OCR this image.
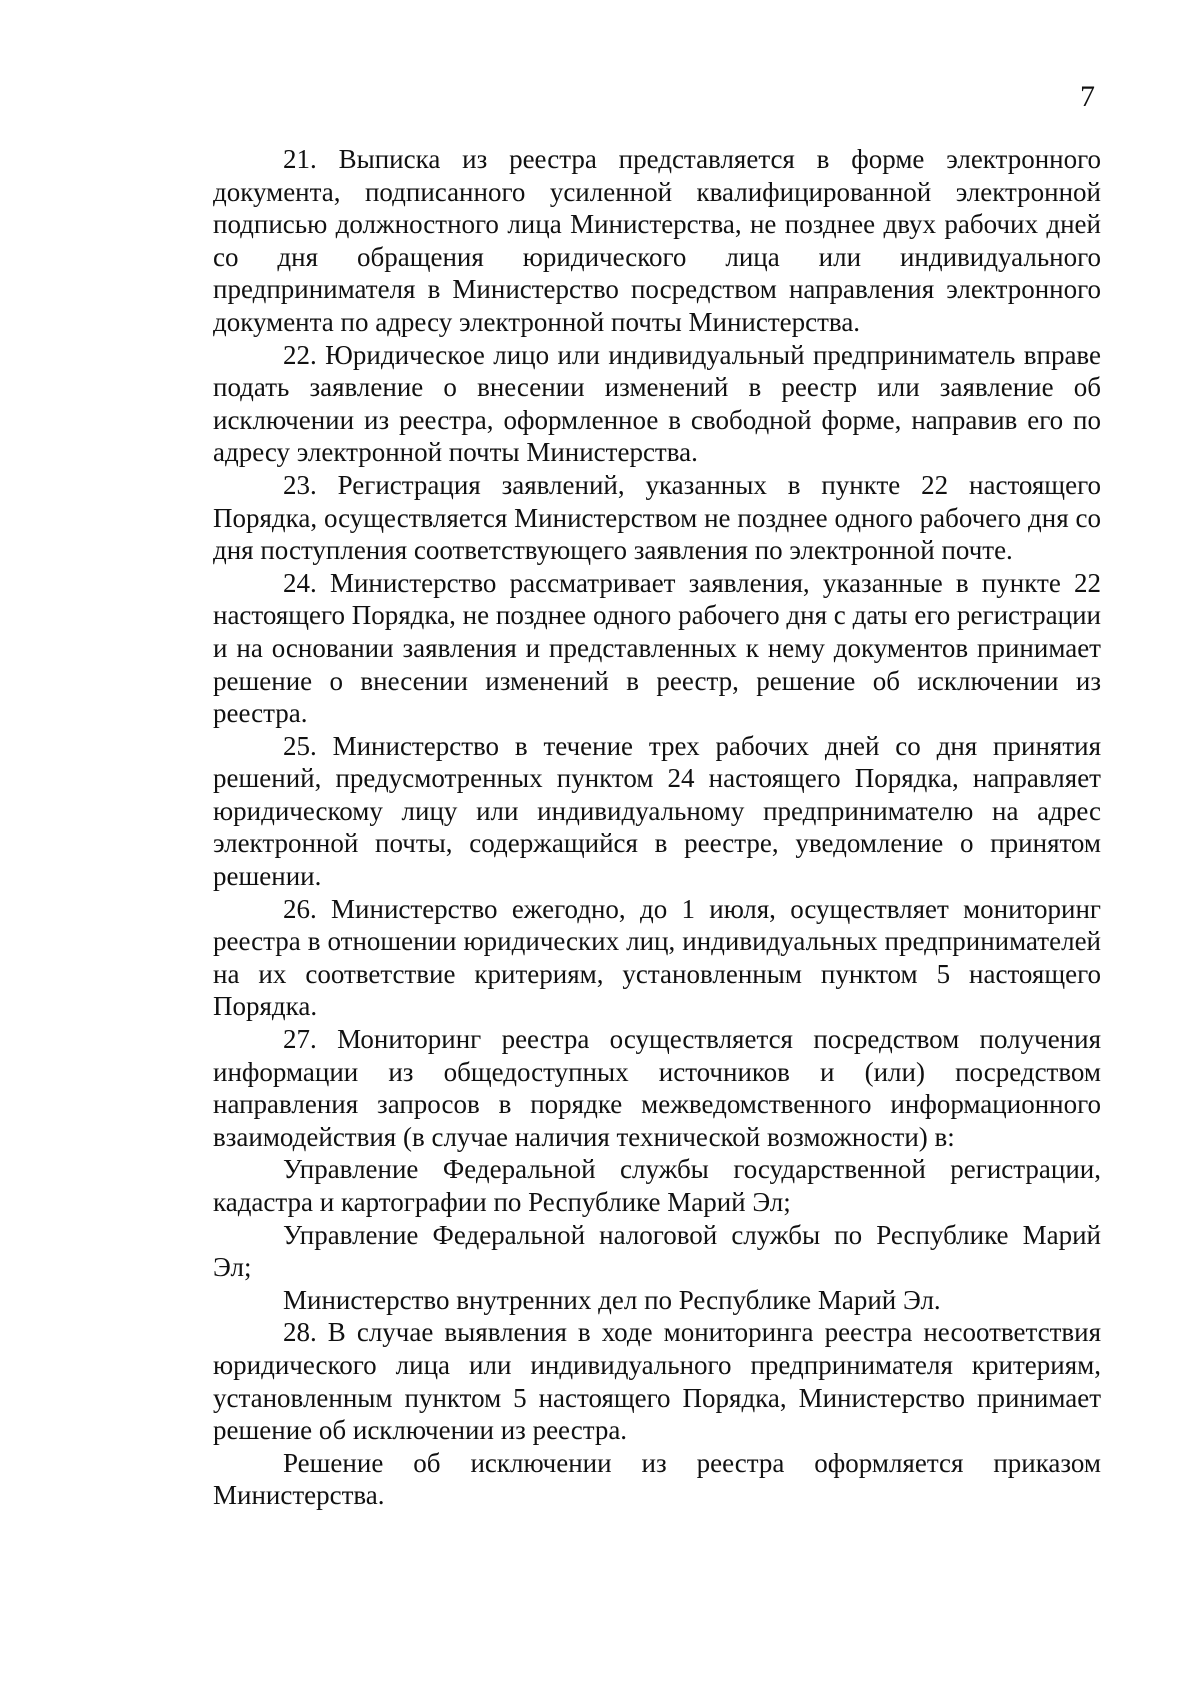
7

21. Выписка из реестра представляется в форме электронного документа, подписанного усиленной квалифицированной электронной подписью должностного лица Министерства, не позднее двух рабочих дней со дня обращения юридического лица или индивидуального предпринимателя в Министерство посредством направления электронного документа по адресу электронной почты Министерства.

22. Юридическое лицо или индивидуальный предприниматель вправе подать заявление о внесении изменений в реестр или заявление об исключении из реестра, оформленное в свободной форме, направив его по адресу электронной почты Министерства.

23. Регистрация заявлений, указанных в пункте 22 настоящего Порядка, осуществляется Министерством не позднее одного рабочего дня со дня поступления соответствующего заявления по электронной почте.

24. Министерство рассматривает заявления, указанные в пункте 22 настоящего Порядка, не позднее одного рабочего дня с даты его регистрации и на основании заявления и представленных к нему документов принимает решение о внесении изменений в реестр, решение об исключении из реестра.

25. Министерство в течение трех рабочих дней со дня принятия решений, предусмотренных пунктом 24 настоящего Порядка, направляет юридическому лицу или индивидуальному предпринимателю на адрес электронной почты, содержащийся в реестре, уведомление о принятом решении.

26. Министерство ежегодно, до 1 июля, осуществляет мониторинг реестра в отношении юридических лиц, индивидуальных предпринимателей на их соответствие критериям, установленным пунктом 5 настоящего Порядка.

27. Мониторинг реестра осуществляется посредством получения информации из общедоступных источников и (или) посредством направления запросов в порядке межведомственного информационного взаимодействия (в случае наличия технической возможности) в:

Управление Федеральной службы государственной регистрации, кадастра и картографии по Республике Марий Эл;

Управление Федеральной налоговой службы по Республике Марий Эл;

Министерство внутренних дел по Республике Марий Эл.

28. В случае выявления в ходе мониторинга реестра несоответствия юридического лица или индивидуального предпринимателя критериям, установленным пунктом 5 настоящего Порядка, Министерство принимает решение об исключении из реестра.

Решение об исключении из реестра оформляется приказом Министерства.
